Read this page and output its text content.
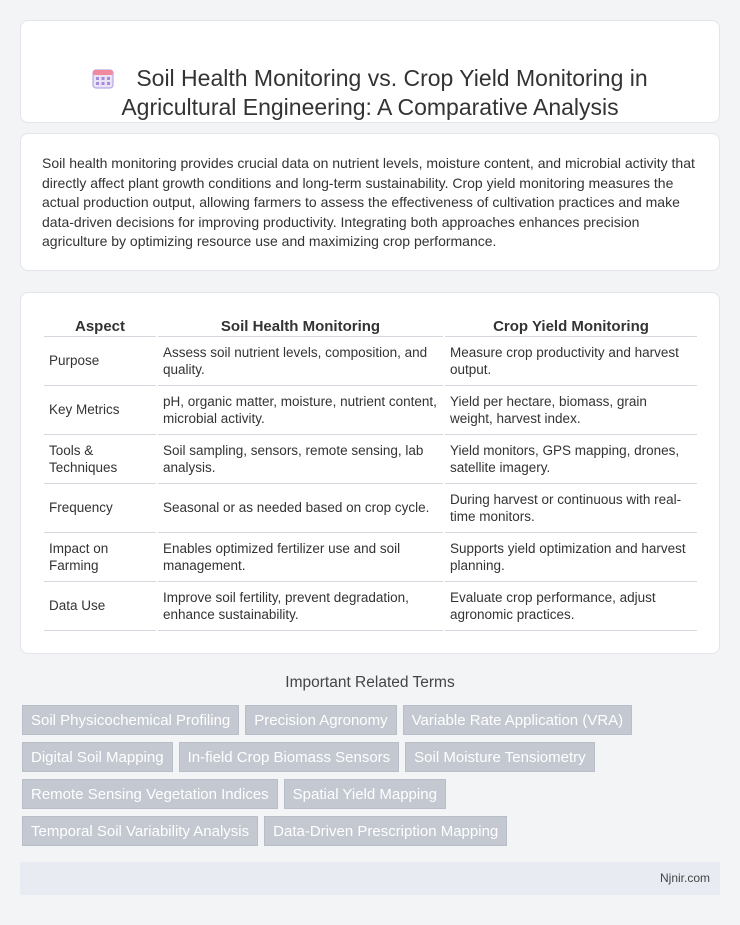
Soil Health Monitoring vs. Crop Yield Monitoring in
Agricultural Engineering: A Comparative Analysis

Soil health monitoring provides crucial data on nutrient levels, moisture content, and microbial activity that directly affect plant growth conditions and long-term sustainability. Crop yield monitoring measures the actual production output, allowing farmers to assess the effectiveness of cultivation practices and make data-driven decisions for improving productivity. Integrating both approaches enhances precision agriculture by optimizing resource use and maximizing crop performance.

Aspect	Soil Health Monitoring	Crop Yield Monitoring
Purpose	Assess soil nutrient levels, composition, and quality.	Measure crop productivity and harvest output.
Key Metrics	pH, organic matter, moisture, nutrient content, microbial activity.	Yield per hectare, biomass, grain weight, harvest index.
Tools & Techniques	Soil sampling, sensors, remote sensing, lab analysis.	Yield monitors, GPS mapping, drones, satellite imagery.
Frequency	Seasonal or as needed based on crop cycle.	During harvest or continuous with real-time monitors.
Impact on Farming	Enables optimized fertilizer use and soil management.	Supports yield optimization and harvest planning.
Data Use	Improve soil fertility, prevent degradation, enhance sustainability.	Evaluate crop performance, adjust agronomic practices.
Important Related Terms
Soil Physicochemical Profiling	Precision Agronomy	Variable Rate Application (VRA)
Digital Soil Mapping	In-field Crop Biomass Sensors	Soil Moisture Tensiometry
Remote Sensing Vegetation Indices	Spatial Yield Mapping
Temporal Soil Variability Analysis	Data-Driven Prescription Mapping
Njnir.com
